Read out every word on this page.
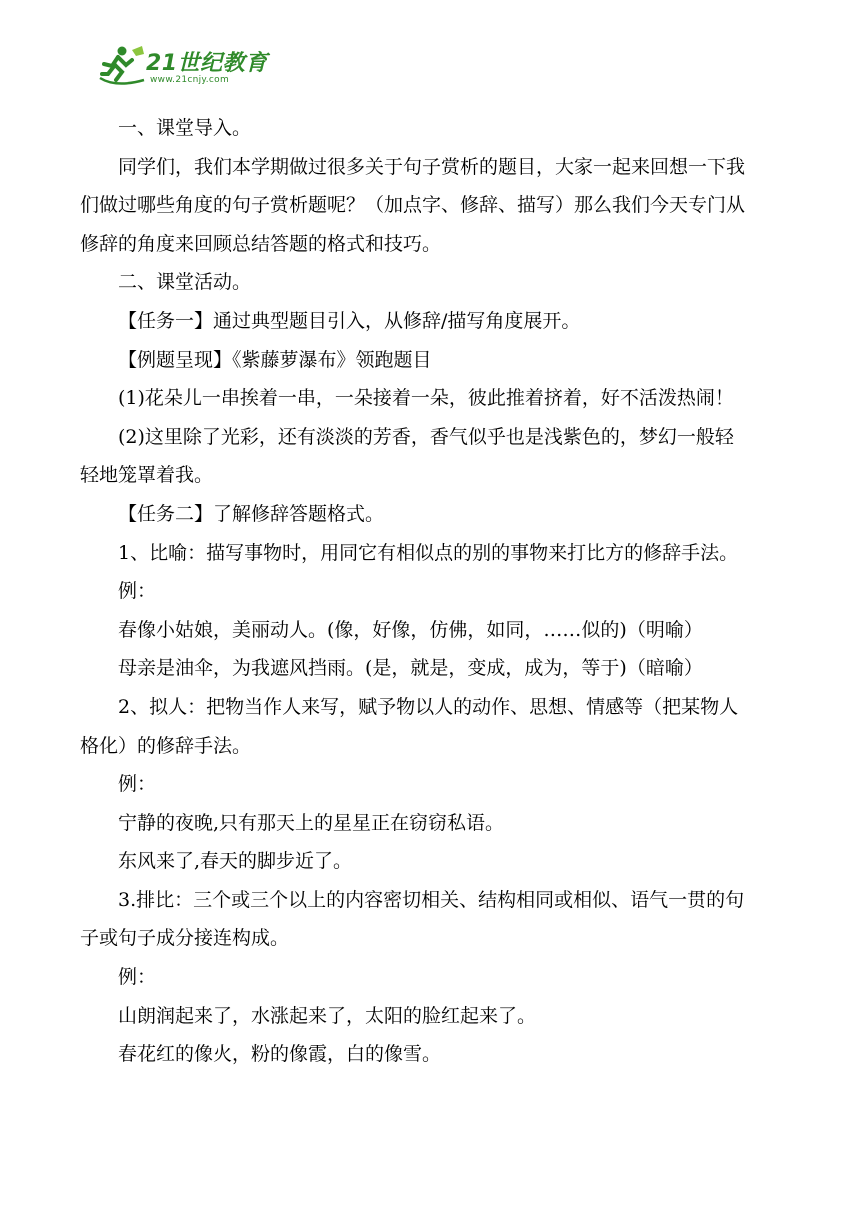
21世纪教育
www.21cnjy.com
一、课堂导入。
同学们，我们本学期做过很多关于句子赏析的题目，大家一起来回想一下我
们做过哪些角度的句子赏析题呢？（加点字、修辞、描写）那么我们今天专门从
修辞的角度来回顾总结答题的格式和技巧。
二、课堂活动。
【任务一】通过典型题目引入，从修辞/描写角度展开。
【例题呈现】《紫藤萝瀑布》领跑题目
(1)花朵儿一串挨着一串，一朵接着一朵，彼此推着挤着，好不活泼热闹！
(2)这里除了光彩，还有淡淡的芳香，香气似乎也是浅紫色的，梦幻一般轻
轻地笼罩着我。
【任务二】了解修辞答题格式。
1、比喻：描写事物时，用同它有相似点的别的事物来打比方的修辞手法。
例：
春像小姑娘，美丽动人。(像，好像，仿佛，如同，……似的)（明喻）
母亲是油伞，为我遮风挡雨。(是，就是，变成，成为，等于)（暗喻）
2、拟人：把物当作人来写，赋予物以人的动作、思想、情感等（把某物人
格化）的修辞手法。
例：
宁静的夜晚,只有那天上的星星正在窃窃私语。
东风来了,春天的脚步近了。
3.排比：三个或三个以上的内容密切相关、结构相同或相似、语气一贯的句
子或句子成分接连构成。
例：
山朗润起来了，水涨起来了，太阳的脸红起来了。
春花红的像火，粉的像霞，白的像雪。
